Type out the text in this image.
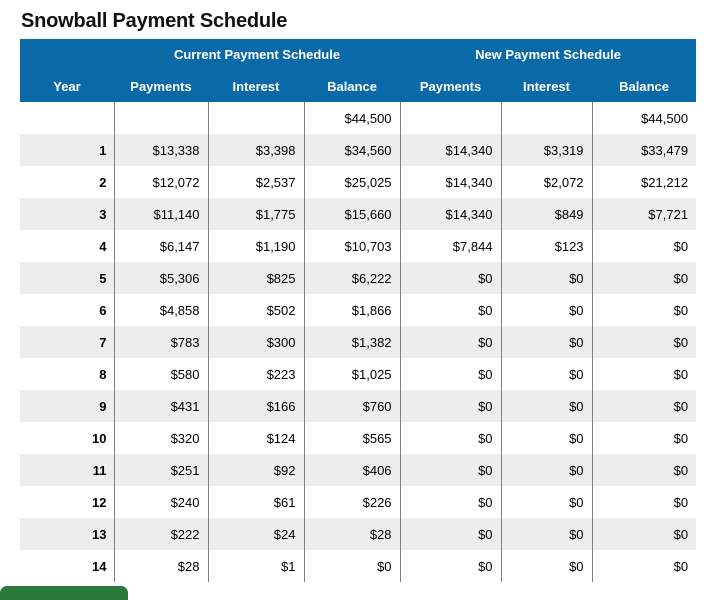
Snowball Payment Schedule
	Current Payment Schedule			New Payment Schedule		
Year	Payments	Interest	Balance	Payments	Interest	Balance
			$44,500			$44,500
1	$13,338	$3,398	$34,560	$14,340	$3,319	$33,479
2	$12,072	$2,537	$25,025	$14,340	$2,072	$21,212
3	$11,140	$1,775	$15,660	$14,340	$849	$7,721
4	$6,147	$1,190	$10,703	$7,844	$123	$0
5	$5,306	$825	$6,222	$0	$0	$0
6	$4,858	$502	$1,866	$0	$0	$0
7	$783	$300	$1,382	$0	$0	$0
8	$580	$223	$1,025	$0	$0	$0
9	$431	$166	$760	$0	$0	$0
10	$320	$124	$565	$0	$0	$0
11	$251	$92	$406	$0	$0	$0
12	$240	$61	$226	$0	$0	$0
13	$222	$24	$28	$0	$0	$0
14	$28	$1	$0	$0	$0	$0
